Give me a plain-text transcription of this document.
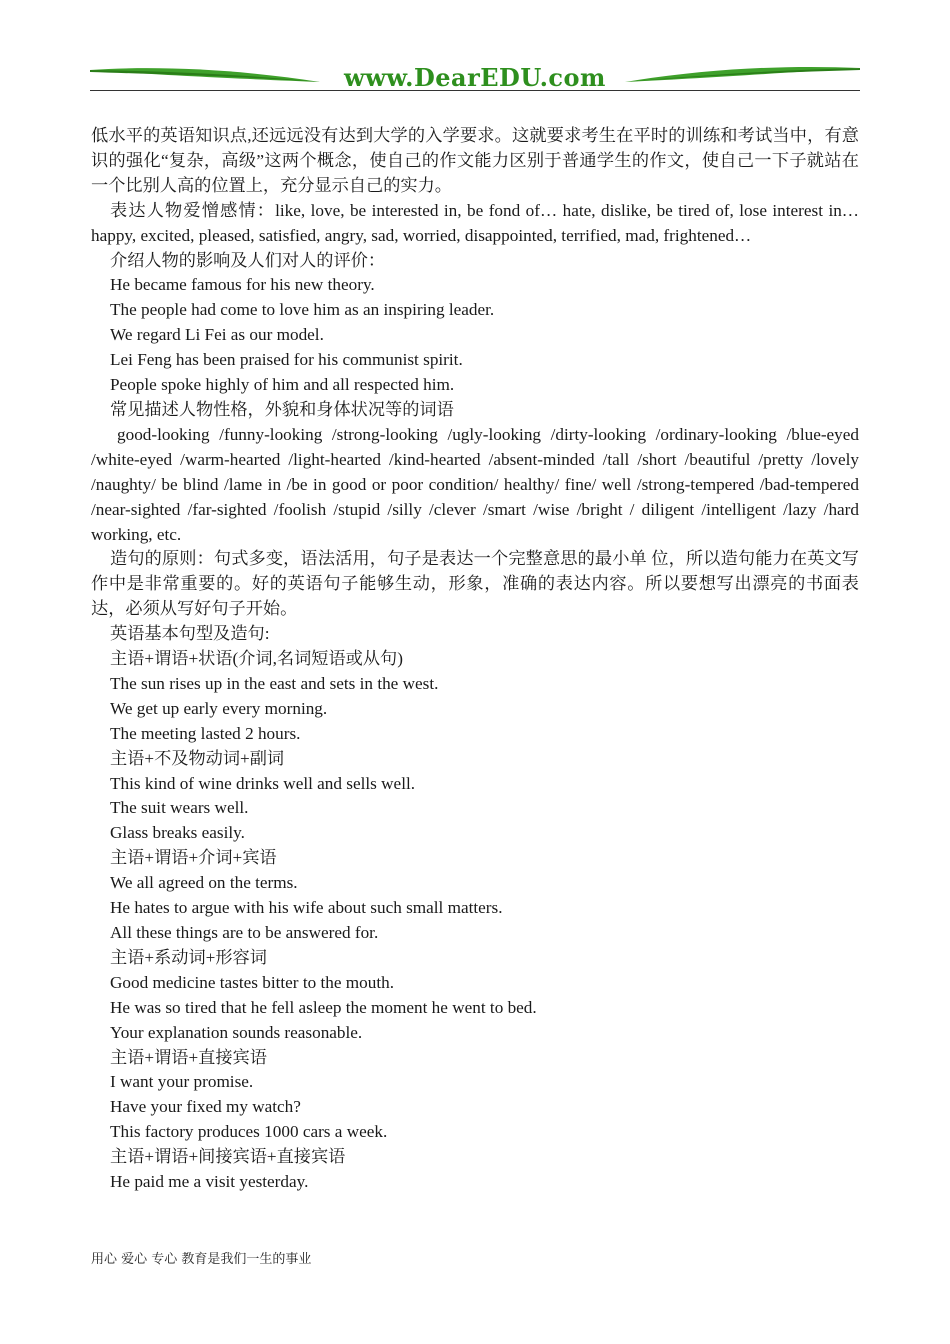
www.DearEDU.com

低水平的英语知识点,还远远没有达到大学的入学要求。这就要求考生在平时的训练和考试当中，有意识的强化“复杂，高级”这两个概念，使自己的作文能力区别于普通学生的作文，使自己一下子就站在一个比别人高的位置上，充分显示自己的实力。

表达人物爱憎感情：like, love, be interested in, be fond of… hate, dislike, be tired of, lose interest in… happy, excited, pleased, satisfied, angry, sad, worried, disappointed, terrified, mad, frightened…

介绍人物的影响及人们对人的评价：

He became famous for his new theory.

The people had come to love him as an inspiring leader.

We regard Li Fei as our model.

Lei Feng has been praised for his communist spirit.

People spoke highly of him and all respected him.

常见描述人物性格，外貌和身体状况等的词语

good-looking /funny-looking /strong-looking /ugly-looking /dirty-looking /ordinary-looking /blue-eyed /white-eyed /warm-hearted /light-hearted /kind-hearted /absent-minded /tall /short /beautiful /pretty /lovely /naughty/ be blind /lame in /be in good or poor condition/ healthy/ fine/ well /strong-tempered /bad-tempered /near-sighted /far-sighted /foolish /stupid /silly /clever /smart /wise /bright / diligent /intelligent /lazy /hard working, etc.

造句的原则：句式多变，语法活用，句子是表达一个完整意思的最小单 位，所以造句能力在英文写作中是非常重要的。好的英语句子能够生动，形象，准确的表达内容。所以要想写出漂亮的书面表达，必须从写好句子开始。

英语基本句型及造句:

主语+谓语+状语(介词,名词短语或从句)

The sun rises up in the east and sets in the west.

We get up early every morning.

The meeting lasted 2 hours.

主语+不及物动词+副词

This kind of wine drinks well and sells well.

The suit wears well.

Glass breaks easily.

主语+谓语+介词+宾语

We all agreed on the terms.

He hates to argue with his wife about such small matters.

All these things are to be answered for.

主语+系动词+形容词

Good medicine tastes bitter to the mouth.

He was so tired that he fell asleep the moment he went to bed.

Your explanation sounds reasonable.

主语+谓语+直接宾语

I want your promise.

Have your fixed my watch?

This factory produces 1000 cars a week.

主语+谓语+间接宾语+直接宾语

He paid me a visit yesterday.

用心 爱心 专心 教育是我们一生的事业
